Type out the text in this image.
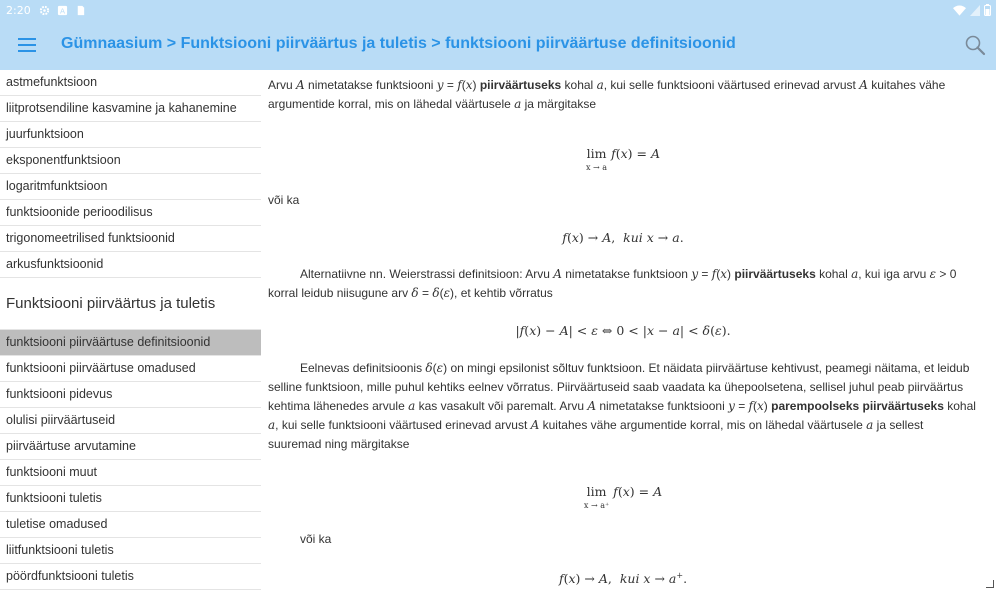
2:20	A
Gümnaasium > Funktsiooni piirväärtus ja tuletis > funktsiooni piirväärtuse definitsioonid
astmefunktsioon
liitprotsendiline kasvamine ja kahanemine
juurfunktsioon
eksponentfunktsioon
logaritmfunktsioon
funktsioonide perioodilisus
trigonomeetrilised funktsioonid
arkusfunktsioonid
Funktsiooni piirväärtus ja tuletis
funktsiooni piirväärtuse definitsioonid
funktsiooni piirväärtuse omadused
funktsiooni pidevus
olulisi piirväärtuseid
piirväärtuse arvutamine
funktsiooni muut
funktsiooni tuletis
tuletise omadused
liitfunktsiooni tuletis
pöördfunktsiooni tuletis
Arvu A nimetatakse funktsiooni y = f(x) piirväärtuseks kohal a, kui selle funktsiooni väärtused erinevad arvust A kuitahes vähe argumentide korral, mis on lähedal väärtusele a ja märgitakse
lim
x → a
f(x) = A
või ka
f(x) → A,  kui x → a.
Alternatiivne nn. Weierstrassi definitsioon: Arvu A nimetatakse funktsioon y = f(x) piirväärtuseks kohal a, kui iga arvu ε > 0 korral leidub niisugune arv δ = δ(ε), et kehtib võrratus
|f(x) − A| < ε ⇔ 0 < |x − a| < δ(ε).
Eelnevas definitsioonis δ(ε) on mingi epsilonist sõltuv funktsioon. Et näidata piirväärtuse kehtivust, peamegi näitama, et leidub selline funktsioon, mille puhul kehtiks eelnev võrratus. Piirväärtuseid saab vaadata ka ühepoolsetena, sellisel juhul peab piirväärtus kehtima lähenedes arvule a kas vasakult või paremalt. Arvu A nimetatakse funktsiooni y = f(x) parempoolseks piirväärtuseks kohal a, kui selle funktsiooni väärtused erinevad arvust A kuitahes vähe argumentide korral, mis on lähedal väärtusele a ja sellest suuremad ning märgitakse
lim
x → a⁺
f(x) = A
või ka
f(x) → A,  kui x → a+.
